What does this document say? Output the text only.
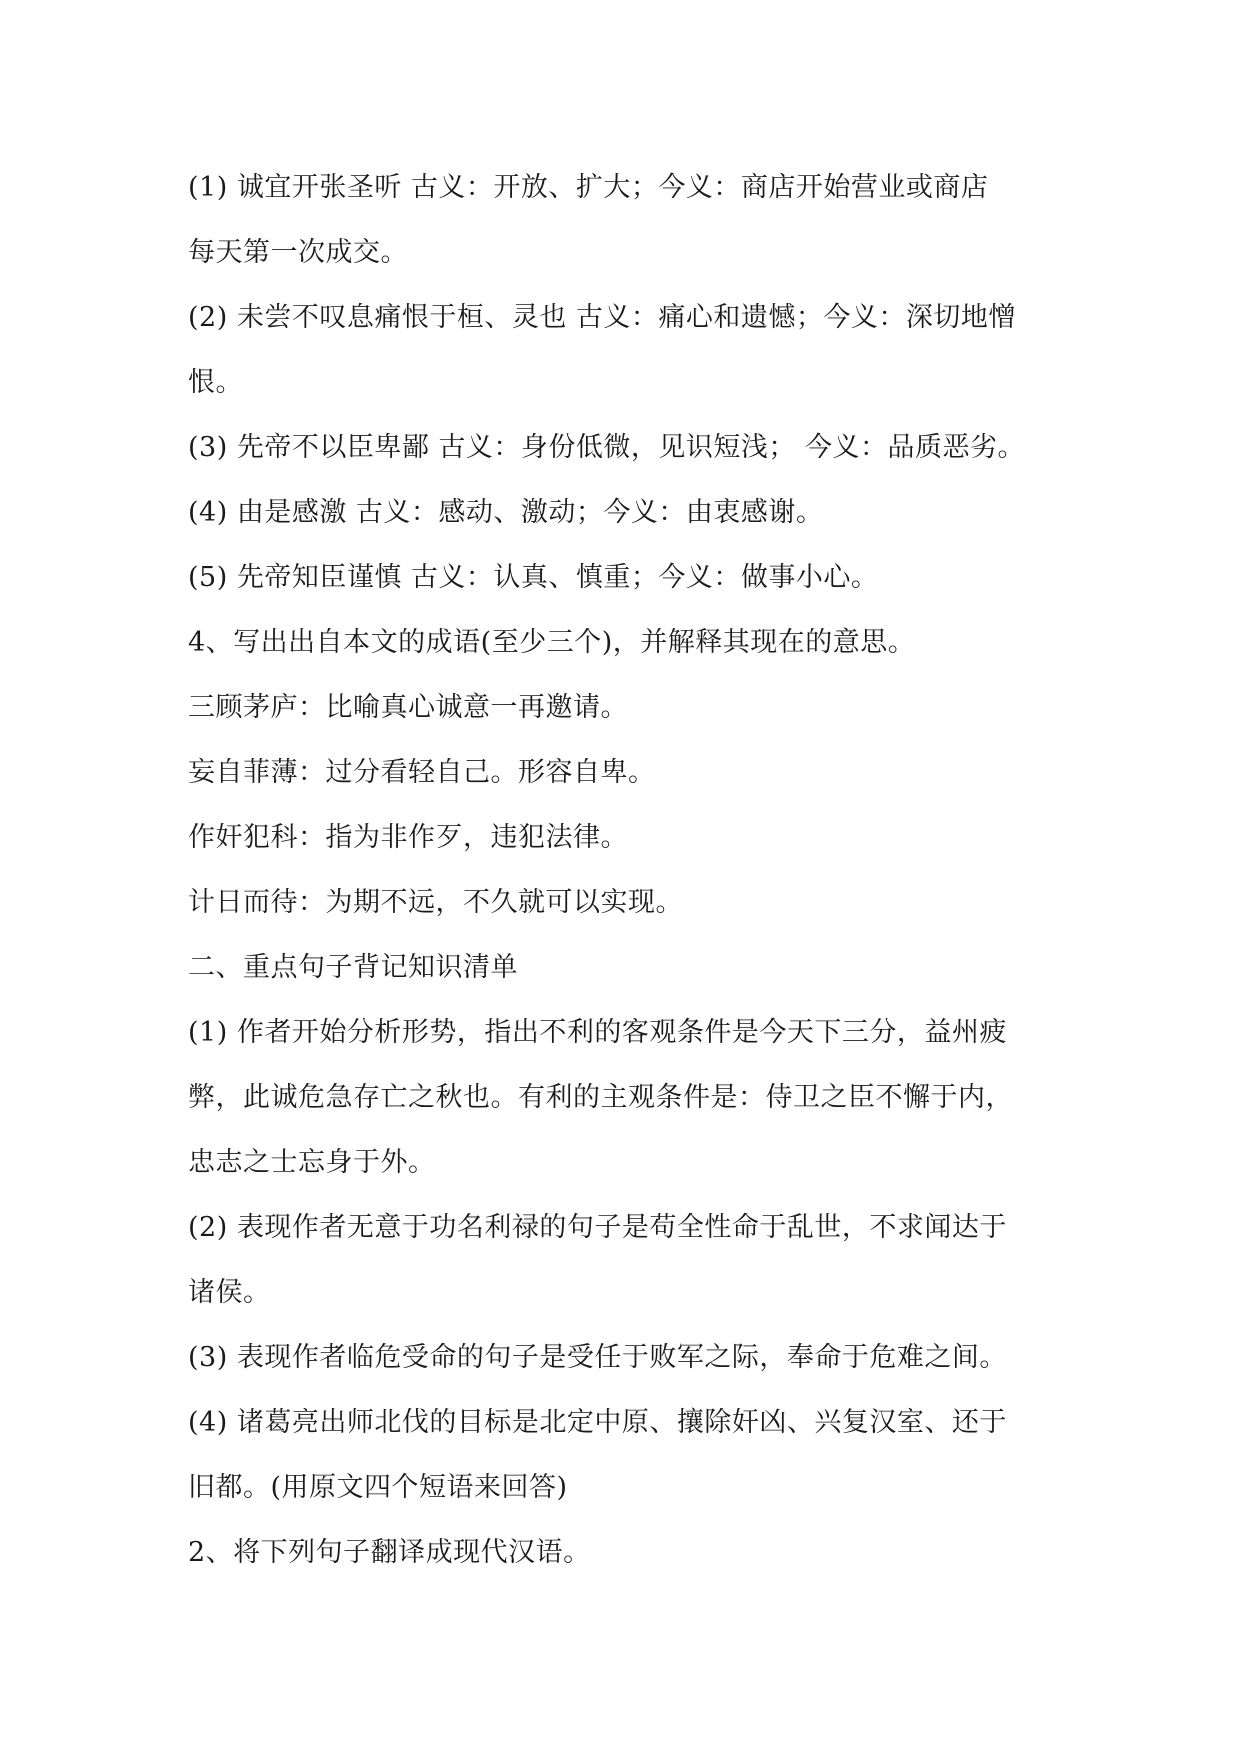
(1) 诚宜开张圣听 古义：开放、扩大；今义：商店开始营业或商店
每天第一次成交。
(2) 未尝不叹息痛恨于桓、灵也 古义：痛心和遗憾；今义：深切地憎
恨。
(3) 先帝不以臣卑鄙 古义：身份低微，见识短浅； 今义：品质恶劣。
(4) 由是感激 古义：感动、激动；今义：由衷感谢。
(5) 先帝知臣谨慎 古义：认真、慎重；今义：做事小心。
4、写出出自本文的成语(至少三个)，并解释其现在的意思。
三顾茅庐：比喻真心诚意一再邀请。
妄自菲薄：过分看轻自己。形容自卑。
作奸犯科：指为非作歹，违犯法律。
计日而待：为期不远，不久就可以实现。
二、重点句子背记知识清单
(1) 作者开始分析形势，指出不利的客观条件是今天下三分，益州疲
弊，此诚危急存亡之秋也。有利的主观条件是：侍卫之臣不懈于内，
忠志之士忘身于外。
(2) 表现作者无意于功名利禄的句子是苟全性命于乱世，不求闻达于
诸侯。
(3) 表现作者临危受命的句子是受任于败军之际，奉命于危难之间。
(4) 诸葛亮出师北伐的目标是北定中原、攘除奸凶、兴复汉室、还于
旧都。(用原文四个短语来回答)
2、将下列句子翻译成现代汉语。
